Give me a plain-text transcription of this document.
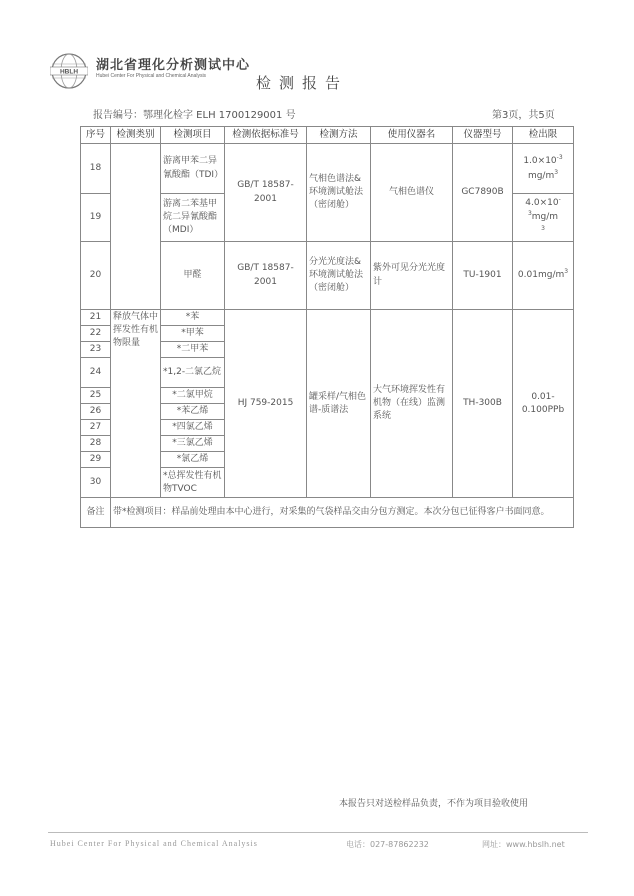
HBLH 湖北省理化分析测试中心
Hubei Center For Physical and Chemical Analysis	检测报告
报告编号：鄂理化检字 ELH 1700129001 号	第3页，共5页
序号	检测类别	检测项目	检测依据标准号	检测方法	使用仪器名	仪器型号	检出限
18		游离甲苯二异氰酸酯（TDI）	GB/T 18587-2001	气相色谱法&环境测试舱法（密闭舱）	气相色谱仪	GC7890B	$1.0\times 10^{-3}$
$mg/m^3$
19		游离二苯基甲烷二异氰酸酯（MDI）					$4.0\times 10^{-3}mg/m$
$^3$
20		甲醛	GB/T 18587-2001	分光光度法&环境测试舱法（密闭舱）	紫外可见分光光度计	TU-1901	$0.01mg/m^3$
21	释放气体中挥发性有机物限量	*苯	HJ 759-2015	罐采样/气相色谱-质谱法	大气环境挥发性有机物（在线）监测系统	TH-300B	0.01-0.100PPb
22		*甲苯					
23		*二甲苯					
24		*1,2-二氯乙烷					
25		*二氯甲烷					
26		*苯乙烯					
27		*四氯乙烯					
28		*三氯乙烯					
29		*氯乙烯					
30		*总挥发性有机物TVOC					
备注	带*检测项目：样品前处理由本中心进行，对采集的气袋样品交由分包方测定。本次分包已征得客户书面同意。						
本报告只对送检样品负责，不作为项目验收使用
Hubei Center For Physical and Chemical Analysis	电话：027-87862232	网址：www.hbslh.net
